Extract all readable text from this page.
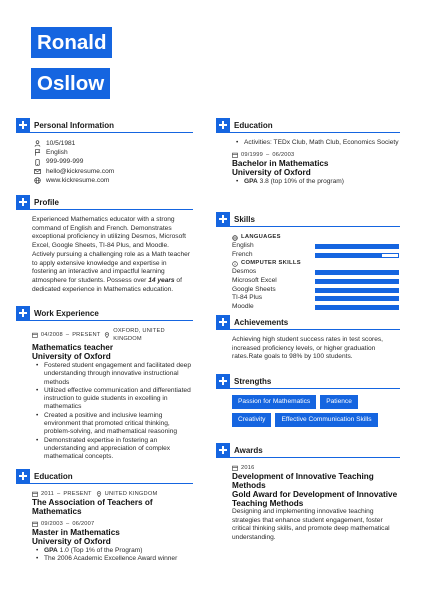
Ronald
Osllow
Personal Information
10/5/1981
English
999-999-999
hello@kickresume.com
www.kickresume.com
Profile

Experienced Mathematics educator with a strong command of English and French. Demonstrates exceptional proficiency in utilizing Desmos, Microsoft Excel, Google Sheets, TI-84 Plus, and Moodle. Actively pursuing a challenging role as a Math teacher to apply extensive knowledge and expertise in fostering an interactive and impactful learning atmosphere for students. Possess over 14 years of dedicated experience in Mathematics education.

Work Experience
04/2008 – PRESENT
OXFORD, UNITED KINGDOM
Mathematics teacher
University of Oxford
• Fostered student engagement and facilitated deep understanding through innovative instructional methods
• Utilized effective communication and differentiated instruction to guide students in excelling in mathematics
• Created a positive and inclusive learning environment that promoted critical thinking, problem-solving, and mathematical reasoning
• Demonstrated expertise in fostering an understanding and appreciation of complex mathematical concepts.
Education
2011 – PRESENT UNITED KINGDOM
The Association of Teachers of Mathematics
09/2003 – 06/2007
Master in Mathematics
University of Oxford
• GPA 1.0 (Top 1% of the Program)
• The 2006 Academic Excellence Award winner
Education
• Activities: TEDx Club, Math Club, Economics Society
09/1999 – 06/2003
Bachelor in Mathematics
University of Oxford
• GPA 3.8 (top 10% of the program)
Skills
LANGUAGES
English
French
COMPUTER SKILLS
Desmos
Microsoft Excel
Google Sheets
TI-84 Plus
Moodle
Achievements

Achieving high student success rates in test scores, increased proficiency levels, or higher graduation rates.Rate goals to 98% by 100 students.

Strengths
Passion for Mathematics	Patience
Creativity	Effective Communication Skills
Awards
2016
Development of Innovative Teaching Methods
Gold Award for Development of Innovative Teaching Methods

Designing and implementing innovative teaching strategies that enhance student engagement, foster critical thinking skills, and promote deep mathematical understanding.
